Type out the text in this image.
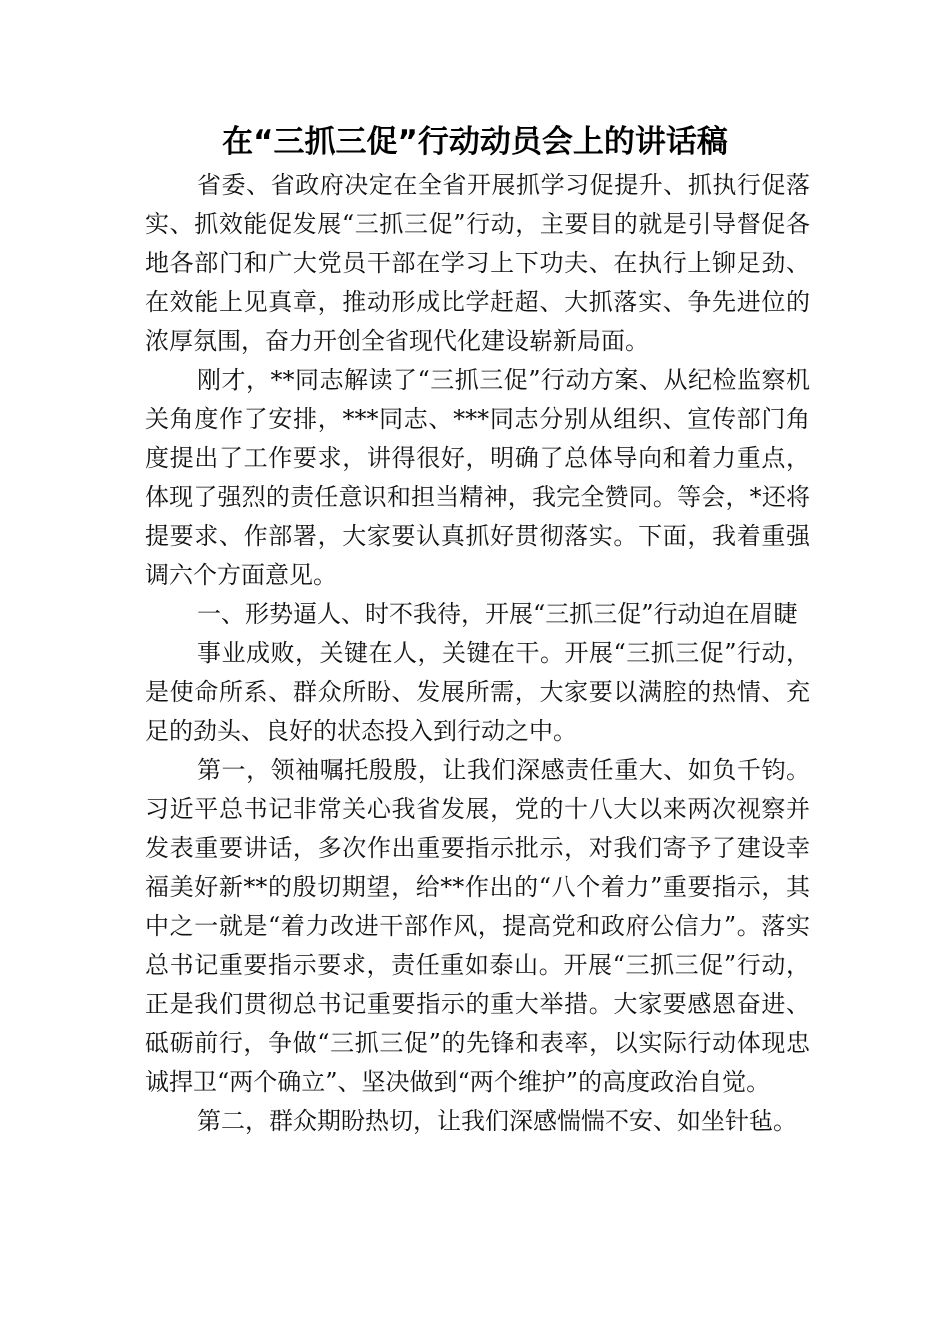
在“三抓三促”行动动员会上的讲话稿

省委、省政府决定在全省开展抓学习促提升、抓执行促落实、抓效能促发展“三抓三促”行动，主要目的就是引导督促各地各部门和广大党员干部在学习上下功夫、在执行上铆足劲、在效能上见真章，推动形成比学赶超、大抓落实、争先进位的浓厚氛围，奋力开创全省现代化建设崭新局面。

刚才，**同志解读了“三抓三促”行动方案、从纪检监察机关角度作了安排，***同志、***同志分别从组织、宣传部门角度提出了工作要求，讲得很好，明确了总体导向和着力重点，体现了强烈的责任意识和担当精神，我完全赞同。等会，*还将提要求、作部署，大家要认真抓好贯彻落实。下面，我着重强调六个方面意见。

一、形势逼人、时不我待，开展“三抓三促”行动迫在眉睫

事业成败，关键在人，关键在干。开展“三抓三促”行动，是使命所系、群众所盼、发展所需，大家要以满腔的热情、充足的劲头、良好的状态投入到行动之中。

第一，领袖嘱托殷殷，让我们深感责任重大、如负千钧。习近平总书记非常关心我省发展，党的十八大以来两次视察并发表重要讲话，多次作出重要指示批示，对我们寄予了建设幸福美好新**的殷切期望，给**作出的“八个着力”重要指示，其中之一就是“着力改进干部作风，提高党和政府公信力”。落实总书记重要指示要求，责任重如泰山。开展“三抓三促”行动，正是我们贯彻总书记重要指示的重大举措。大家要感恩奋进、砥砺前行，争做“三抓三促”的先锋和表率，以实际行动体现忠诚捍卫“两个确立”、坚决做到“两个维护”的高度政治自觉。

第二，群众期盼热切，让我们深感惴惴不安、如坐针毡。
